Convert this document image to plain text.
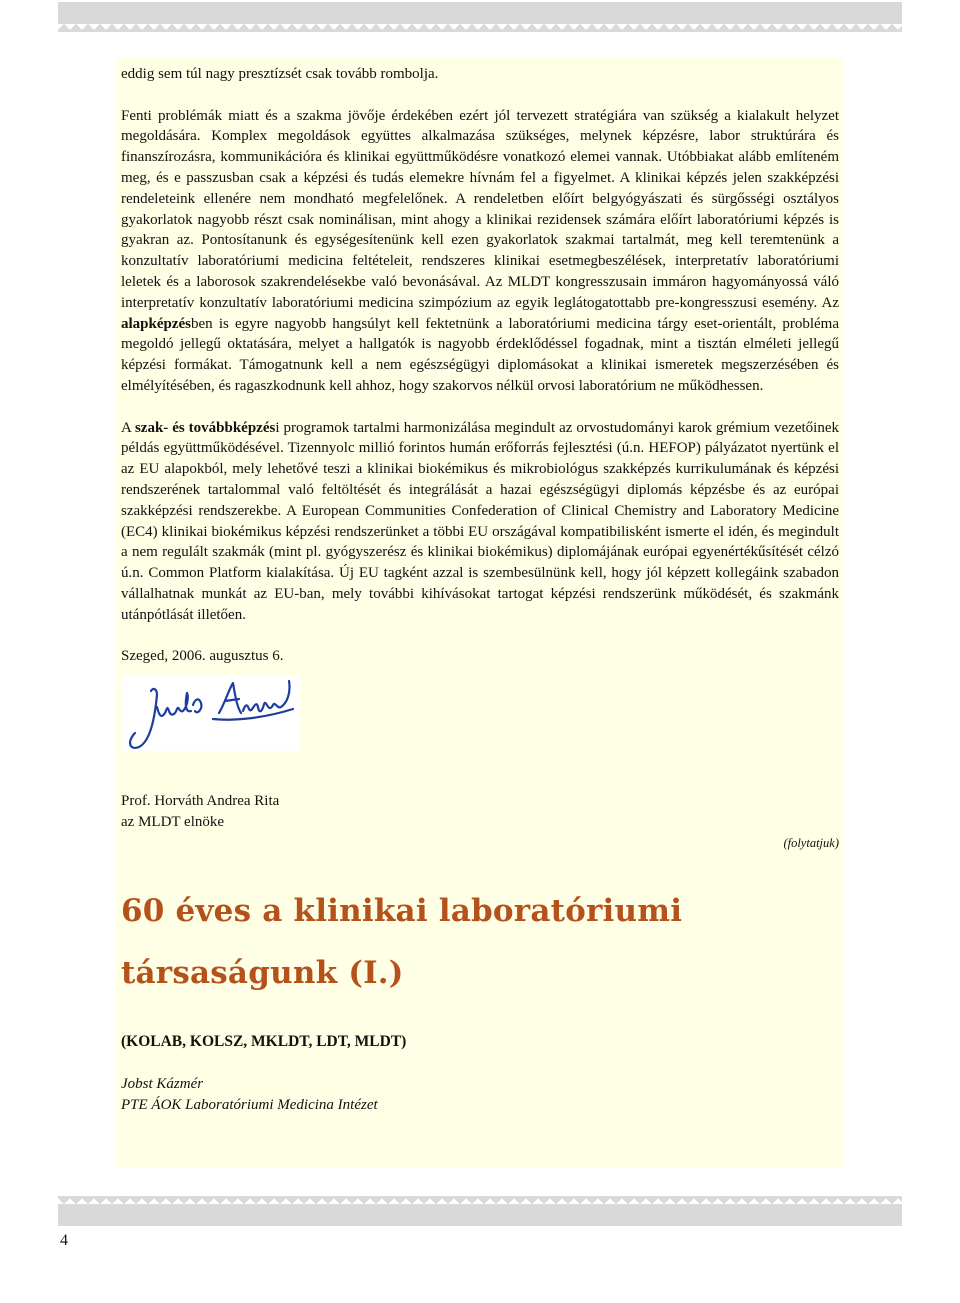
eddig sem túl nagy presztízsét csak tovább rombolja.

Fenti problémák miatt és a szakma jövője érdekében ezért jól tervezett stratégiára van szükség a kialakult helyzet megoldására. Komplex megoldások együttes alkalmazása szükséges, melynek képzésre, labor struktúrára és finanszírozásra, kommunikációra és klinikai együttműködésre vonatkozó elemei vannak. Utóbbiakat alább említeném meg, és e passzusban csak a képzési és tudás elemekre hívnám fel a figyelmet. A klinikai képzés jelen szakképzési rendeleteink ellenére nem mondható megfelelőnek. A rendeletben előírt belgyógyászati és sürgősségi osztályos gyakorlatok nagyobb részt csak nominálisan, mint ahogy a klinikai rezidensek számára előírt laboratóriumi képzés is gyakran az. Pontosítanunk és egységesítenünk kell ezen gyakorlatok szakmai tartalmát, meg kell teremtenünk a konzultatív laboratóriumi medicina feltételeit, rendszeres klinikai esetmegbeszélések, interpretatív laboratóriumi leletek és a laborosok szakrendelésekbe való bevonásával. Az MLDT kongresszusain immáron hagyományossá váló interpretatív konzultatív laboratóriumi medicina szimpózium az egyik leglátogatottabb pre-kongresszusi esemény. Az alapképzésben is egyre nagyobb hangsúlyt kell fektetnünk a laboratóriumi medicina tárgy eset-orientált, probléma megoldó jellegű oktatására, melyet a hallgatók is nagyobb érdeklődéssel fogadnak, mint a tisztán elméleti jellegű képzési formákat. Támogatnunk kell a nem egészségügyi diplomásokat a klinikai ismeretek megszerzésében és elmélyítésében, és ragaszkodnunk kell ahhoz, hogy szakorvos nélkül orvosi laboratórium ne működhessen.

A szak- és továbbképzési programok tartalmi harmonizálása megindult az orvostudományi karok grémium vezetőinek példás együttműködésével. Tizennyolc millió forintos humán erőforrás fejlesztési (ú.n. HEFOP) pályázatot nyertünk el az EU alapokból, mely lehetővé teszi a klinikai biokémikus és mikrobiológus szakképzés kurrikulumának és képzési rendszerének tartalommal való feltöltését és integrálását a hazai egészségügyi diplomás képzésbe és az európai szakképzési rendszerekbe. A European Communities Confederation of Clinical Chemistry and Laboratory Medicine (EC4) klinikai biokémikus képzési rendszerünket a többi EU országával kompatibilisként ismerte el idén, és megindult a nem regulált szakmák (mint pl. gyógyszerész és klinikai biokémikus) diplomájának európai egyenértékűsítését célzó ú.n. Common Platform kialakítása. Új EU tagként azzal is szembesülnünk kell, hogy jól képzett kollegáink szabadon vállalhatnak munkát az EU-ban, mely további kihívásokat tartogat képzési rendszerünk működését, és szakmánk utánpótlását illetően.

Szeged, 2006. augusztus 6.

Prof. Horváth Andrea Rita

az MLDT elnöke

(folytatjuk)
60 éves a klinikai laboratóriumi
társaságunk (I.)
(KOLAB, KOLSZ, MKLDT, LDT, MLDT)
Jobst Kázmér
PTE ÁOK Laboratóriumi Medicina Intézet
4
